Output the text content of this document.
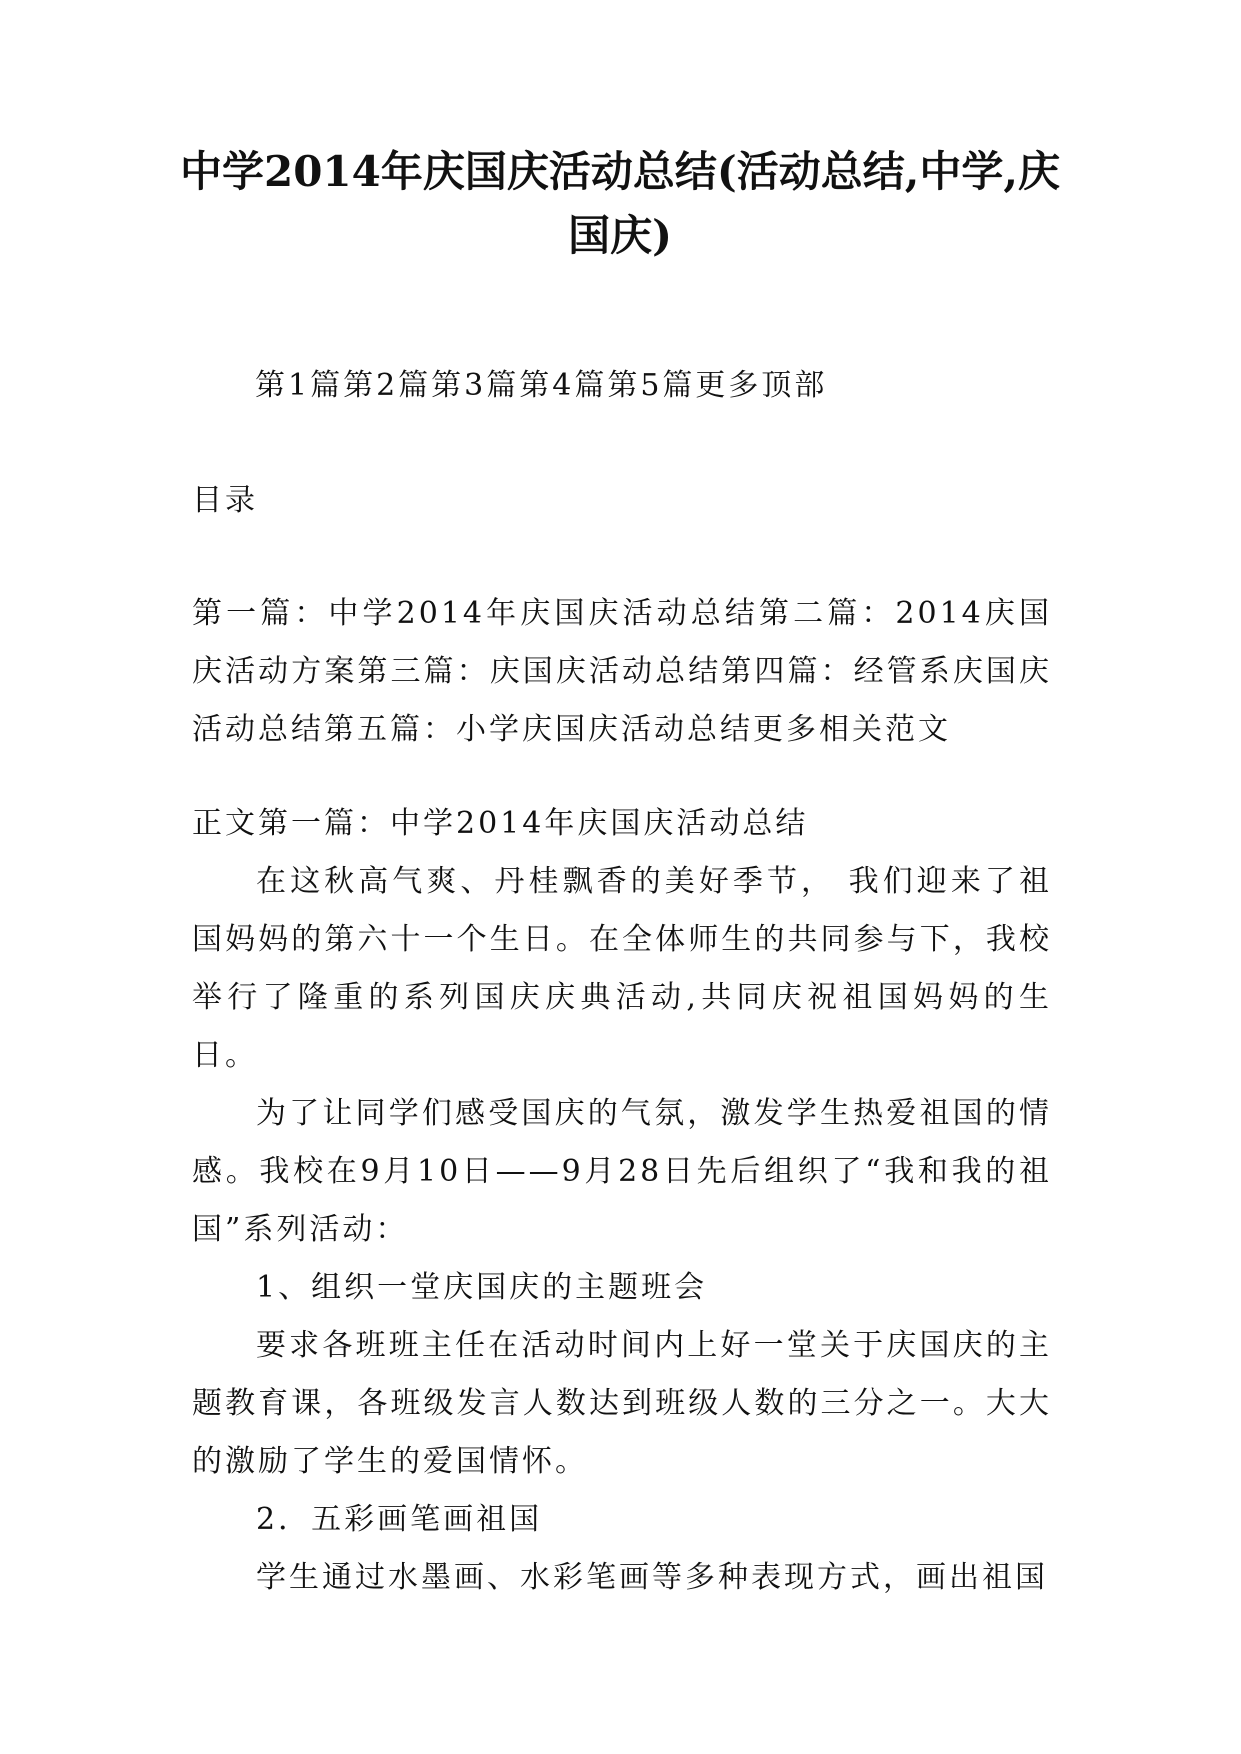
中学2014年庆国庆活动总结(活动总结,中学,庆国庆)

第1篇第2篇第3篇第4篇第5篇更多顶部

目录

第一篇：中学2014年庆国庆活动总结第二篇：2014庆国庆活动方案第三篇：庆国庆活动总结第四篇：经管系庆国庆活动总结第五篇：小学庆国庆活动总结更多相关范文

正文第一篇：中学2014年庆国庆活动总结

在这秋高气爽、丹桂飘香的美好季节， 我们迎来了祖国妈妈的第六十一个生日。在全体师生的共同参与下，我校举行了隆重的系列国庆庆典活动,共同庆祝祖国妈妈的生日。

为了让同学们感受国庆的气氛，激发学生热爱祖国的情感。我校在9月10日——9月28日先后组织了“我和我的祖国”系列活动：

1、组织一堂庆国庆的主题班会

要求各班班主任在活动时间内上好一堂关于庆国庆的主题教育课，各班级发言人数达到班级人数的三分之一。大大的激励了学生的爱国情怀。

2．五彩画笔画祖国

学生通过水墨画、水彩笔画等多种表现方式，画出祖国
